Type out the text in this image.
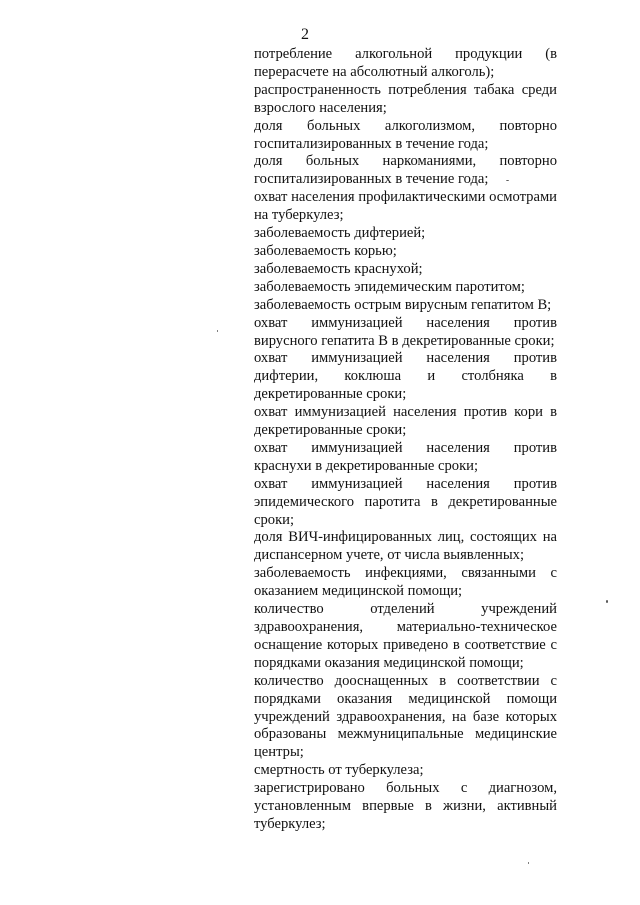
2
потребление алкогольной продукции (в перерасчете на абсолютный алкоголь);
распространенность потребления табака среди взрослого населения;
доля больных алкоголизмом, повторно госпитализированных в течение года;
доля больных наркоманиями, повторно госпитализированных в течение года;
охват населения профилактическими осмотрами на туберкулез;
заболеваемость дифтерией;
заболеваемость корью;
заболеваемость краснухой;
заболеваемость эпидемическим паротитом;
заболеваемость острым вирусным гепатитом В;
охват иммунизацией населения против вирусного гепатита В в декретированные сроки;
охват иммунизацией населения против дифтерии, коклюша и столбняка в декретированные сроки;
охват иммунизацией населения против кори в декретированные сроки;
охват иммунизацией населения против краснухи в декретированные сроки;
охват иммунизацией населения против эпидемического паротита в декретированные сроки;
доля ВИЧ-инфицированных лиц, состоящих на диспансерном учете, от числа выявленных;
заболеваемость инфекциями, связанными с оказанием медицинской помощи;
количество отделений учреждений здравоохранения, материально-техническое оснащение которых приведено в соответствие с порядками оказания медицинской помощи;
количество дооснащенных в соответствии с порядками оказания медицинской помощи учреждений здравоохранения, на базе которых образованы межмуниципальные медицинские центры;
смертность от туберкулеза;
зарегистрировано больных с диагнозом, установленным впервые в жизни, активный туберкулез;
